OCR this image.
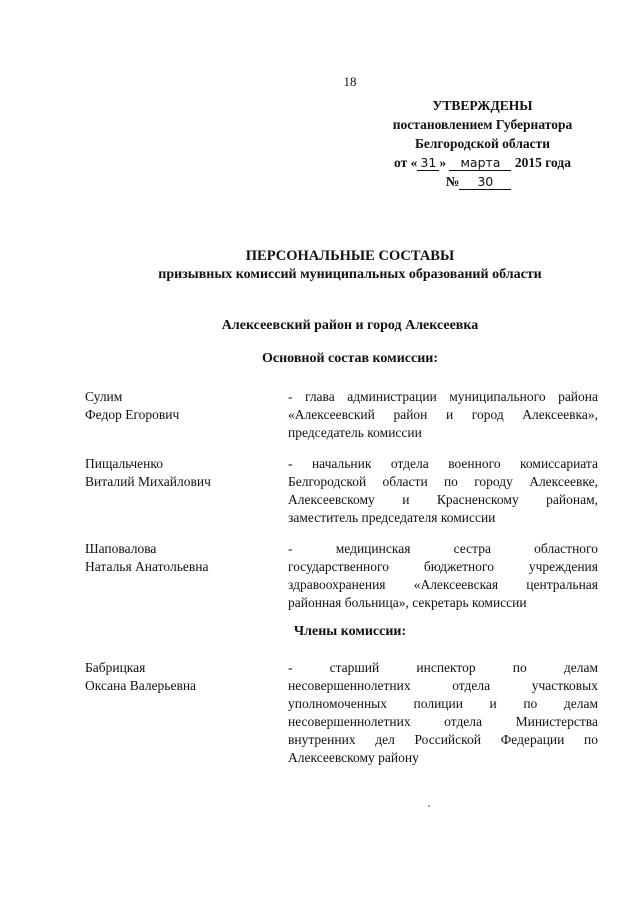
18
УТВЕРЖДЕНЫ
постановлением Губернатора
Белгородской области
от « 31 » марта 2015 года
№ 30
ПЕРСОНАЛЬНЫЕ СОСТАВЫ
призывных комиссий муниципальных образований области
Алексеевский район и город Алексеевка
Основной состав комиссии:
Сулим
Федор Егорович
- глава администрации муниципального района
«Алексеевский район и город Алексеевка»,
председатель комиссии
Пищальченко
Виталий Михайлович
- начальник отдела военного комиссариата
Белгородской области по городу Алексеевке,
Алексеевскому и Красненскому районам,
заместитель председателя комиссии
Шаповалова
Наталья Анатольевна
- медицинская сестра областного
государственного бюджетного учреждения
здравоохранения «Алексеевская центральная
районная больница», секретарь комиссии
Члены комиссии:
Бабрицкая
Оксана Валерьевна
- старший инспектор по делам
несовершеннолетних отдела участковых
уполномоченных полиции и по делам
несовершеннолетних отдела Министерства
внутренних дел Российской Федерации по
Алексеевскому району
